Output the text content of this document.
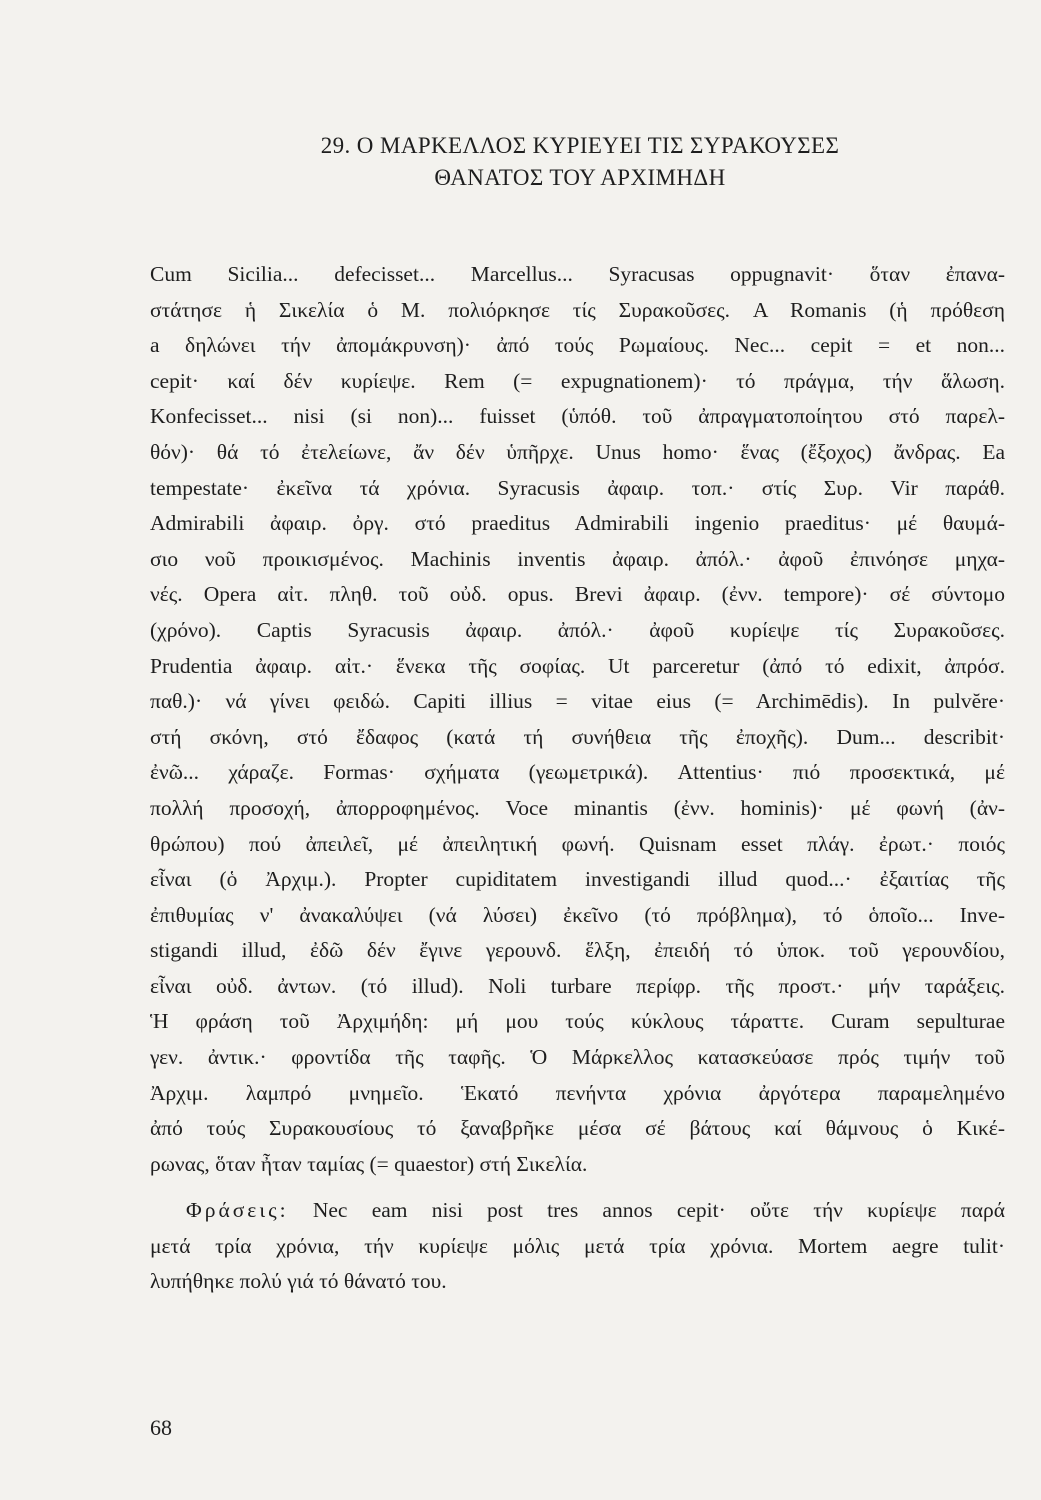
29. Ο ΜΑΡΚΕΛΛΟΣ ΚΥΡΙΕΥΕΙ ΤΙΣ ΣΥΡΑΚΟΥΣΕΣ
ΘΑΝΑΤΟΣ ΤΟΥ ΑΡΧΙΜΗΔΗ
Cum Sicilia... defecisset... Marcellus... Syracusas oppugnavit· ὅταν ἐπανα-
στάτησε ἡ Σικελία ὁ Μ. πολιόρκησε τίς Συρακοῦσες. A Romanis (ἡ πρόθεση
a δηλώνει τήν ἀπομάκρυνση)· ἀπό τούς Ρωμαίους. Nec... cepit = et non...
cepit· καί δέν κυρίεψε. Rem (= expugnationem)· τό πράγμα, τήν ἅλωση.
Konfecisset... nisi (si non)... fuisset (ὑπόθ. τοῦ ἀπραγματοποίητου στό παρελ-
θόν)· θά τό ἐτελείωνε, ἄν δέν ὑπῆρχε. Unus homo· ἕνας (ἔξοχος) ἄνδρας. Ea
tempestate· ἐκεῖνα τά χρόνια. Syracusis ἀφαιρ. τοπ.· στίς Συρ. Vir παράθ.
Admirabili ἀφαιρ. ὀργ. στό praeditus Admirabili ingenio praeditus· μέ θαυμά-
σιο νοῦ προικισμένος. Machinis inventis ἀφαιρ. ἀπόλ.· ἀφοῦ ἐπινόησε μηχα-
νές. Opera αἰτ. πληθ. τοῦ οὐδ. opus. Brevi ἀφαιρ. (ἐνν. tempore)· σέ σύντομο
(χρόνο). Captis Syracusis ἀφαιρ. ἀπόλ.· ἀφοῦ κυρίεψε τίς Συρακοῦσες.
Prudentia ἀφαιρ. αἰτ.· ἕνεκα τῆς σοφίας. Ut parceretur (ἀπό τό edixit, ἀπρόσ.
παθ.)· νά γίνει φειδώ. Capiti illius = vitae eius (= Archimēdis). In pulvĕre·
στή σκόνη, στό ἔδαφος (κατά τή συνήθεια τῆς ἐποχῆς). Dum... describit·
ἐνῶ... χάραζε. Formas· σχήματα (γεωμετρικά). Attentius· πιό προσεκτικά, μέ
πολλή προσοχή, ἀπορροφημένος. Voce minantis (ἐνν. hominis)· μέ φωνή (ἀν-
θρώπου) πού ἀπειλεῖ, μέ ἀπειλητική φωνή. Quisnam esset πλάγ. ἐρωτ.· ποιός
εἶναι (ὁ Ἀρχιμ.). Propter cupiditatem investigandi illud quod...· ἐξαιτίας τῆς
ἐπιθυμίας ν' ἀνακαλύψει (νά λύσει) ἐκεῖνο (τό πρόβλημα), τό ὁποῖο... Inve-
stigandi illud, ἐδῶ δέν ἔγινε γερουνδ. ἕλξη, ἐπειδή τό ὑποκ. τοῦ γερουνδίου,
εἶναι οὐδ. ἀντων. (τό illud). Noli turbare περίφρ. τῆς προστ.· μήν ταράξεις.
Ἡ φράση τοῦ Ἀρχιμήδη: μή μου τούς κύκλους τάραττε. Curam sepulturae
γεν. ἀντικ.· φροντίδα τῆς ταφῆς. Ὁ Μάρκελλος κατασκεύασε πρός τιμήν τοῦ
Ἀρχιμ. λαμπρό μνημεῖο. Ἑκατό πενήντα χρόνια ἀργότερα παραμελημένο
ἀπό τούς Συρακουσίους τό ξαναβρῆκε μέσα σέ βάτους καί θάμνους ὁ Κικέ-
ρωνας, ὅταν ἦταν ταμίας (= quaestor) στή Σικελία.
Φράσεις: Nec eam nisi post tres annos cepit· οὔτε τήν κυρίεψε παρά
μετά τρία χρόνια, τήν κυρίεψε μόλις μετά τρία χρόνια. Mortem aegre tulit·
λυπήθηκε πολύ γιά τό θάνατό του.
68
